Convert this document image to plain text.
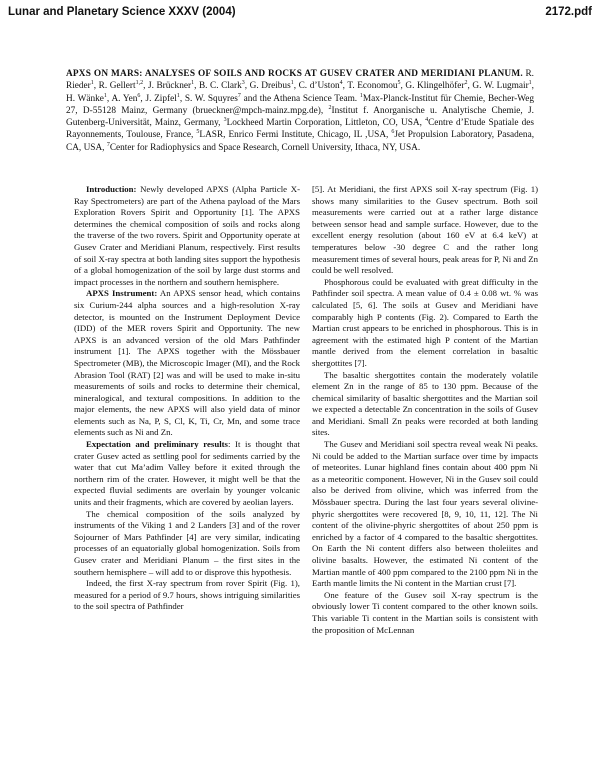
Lunar and Planetary Science XXXV (2004)	2172.pdf
APXS ON MARS: ANALYSES OF SOILS AND ROCKS AT GUSEV CRATER AND MERIDIANI PLANUM. R. Rieder$^1$, R. Gellert$^{1,2}$, J. Brückner$^1$, B. C. Clark$^3$, G. Dreibus$^1$, C. d’Uston$^4$, T. Economou$^5$, G. Klingelhöfer$^2$, G. W. Lugmair$^1$, H. Wänke$^1$, A. Yen$^6$, J. Zipfel$^1$, S. W. Squyres$^7$ and the Athena Science Team. $^1$Max-Planck-Institut für Chemie, Becher-Weg 27, D-55128 Mainz, Germany (brueckner@mpch-mainz.mpg.de), $^2$Institut f. Anorganische u. Analytische Chemie, J. Gutenberg-Universität, Mainz, Germany, $^3$Lockheed Martin Corporation, Littleton, CO, USA, $^4$Centre d’Etude Spatiale des Rayonnements, Toulouse, France, $^5$LASR, Enrico Fermi Institute, Chicago, IL ,USA, $^6$Jet Propulsion Laboratory, Pasadena, CA, USA, $^7$Center for Radiophysics and Space Research, Cornell University, Ithaca, NY, USA.

Introduction: Newly developed APXS (Alpha Particle X-Ray Spectrometers) are part of the Athena payload of the Mars Exploration Rovers Spirit and Opportunity [1]. The APXS determines the chemical composition of soils and rocks along the traverse of the two rovers. Spirit and Opportunity operate at Gusev Crater and Meridiani Planum, respectively. First results of soil X-ray spectra at both landing sites support the hypothesis of a global homogenization of the soil by large dust storms and impact processes in the northern and southern hemisphere.

APXS Instrument: An APXS sensor head, which contains six Curium-244 alpha sources and a high-resolution X-ray detector, is mounted on the Instrument Deployment Device (IDD) of the MER rovers Spirit and Opportunity. The new APXS is an advanced version of the old Mars Pathfinder instrument [1]. The APXS together with the Mössbauer Spectrometer (MB), the Microscopic Imager (MI), and the Rock Abrasion Tool (RAT) [2] was and will be used to make in-situ measurements of soils and rocks to determine their chemical, mineralogical, and textural compositions. In addition to the major elements, the new APXS will also yield data of minor elements such as Na, P, S, Cl, K, Ti, Cr, Mn, and some trace elements such as Ni and Zn.

Expectation and preliminary results: It is thought that crater Gusev acted as settling pool for sediments carried by the water that cut Ma’adim Valley before it exited through the northern rim of the crater. However, it might well be that the expected fluvial sediments are overlain by younger volcanic units and their fragments, which are covered by aeolian layers.

The chemical composition of the soils analyzed by instruments of the Viking 1 and 2 Landers [3] and of the rover Sojourner of Mars Pathfinder [4] are very similar, indicating processes of an equatorially global homogenization. Soils from Gusev crater and Meridiani Planum – the first sites in the southern hemisphere – will add to or disprove this hypothesis.

Indeed, the first X-ray spectrum from rover Spirit (Fig. 1), measured for a period of 9.7 hours, shows intriguing similarities to the soil spectra of Pathfinder

[5]. At Meridiani, the first APXS soil X-ray spectrum (Fig. 1) shows many similarities to the Gusev spectrum. Both soil measurements were carried out at a rather large distance between sensor head and sample surface. However, due to the excellent energy resolution (about 160 eV at 6.4 keV) at temperatures below -30 degree C and the rather long measurement times of several hours, peak areas for P, Ni and Zn could be well resolved.

Phosphorous could be evaluated with great difficulty in the Pathfinder soil spectra. A mean value of 0.4 ± 0.08 wt. % was calculated [5, 6]. The soils at Gusev and Meridiani have comparably high P contents (Fig. 2). Compared to Earth the Martian crust appears to be enriched in phosphorous. This is in agreement with the estimated high P content of the Martian mantle derived from the element correlation in basaltic shergottites [7].

The basaltic shergottites contain the moderately volatile element Zn in the range of 85 to 130 ppm. Because of the chemical similarity of basaltic shergottites and the Martian soil we expected a detectable Zn concentration in the soils of Gusev and Meridiani. Small Zn peaks were recorded at both landing sites.

The Gusev and Meridiani soil spectra reveal weak Ni peaks. Ni could be added to the Martian surface over time by impacts of meteorites. Lunar highland fines contain about 400 ppm Ni as a meteoritic component. However, Ni in the Gusev soil could also be derived from olivine, which was inferred from the Mössbauer spectra. During the last four years several olivine-phyric shergottites were recovered [8, 9, 10, 11, 12]. The Ni content of the olivine-phyric shergottites of about 250 ppm is enriched by a factor of 4 compared to the basaltic shergottites. On Earth the Ni content differs also between tholeiites and olivine basalts. However, the estimated Ni content of the Martian mantle of 400 ppm compared to the 2100 ppm Ni in the Earth mantle limits the Ni content in the Martian crust [7].

One feature of the Gusev soil X-ray spectrum is the obviously lower Ti content compared to the other known soils. This variable Ti content in the Martian soils is consistent with the proposition of McLennan
